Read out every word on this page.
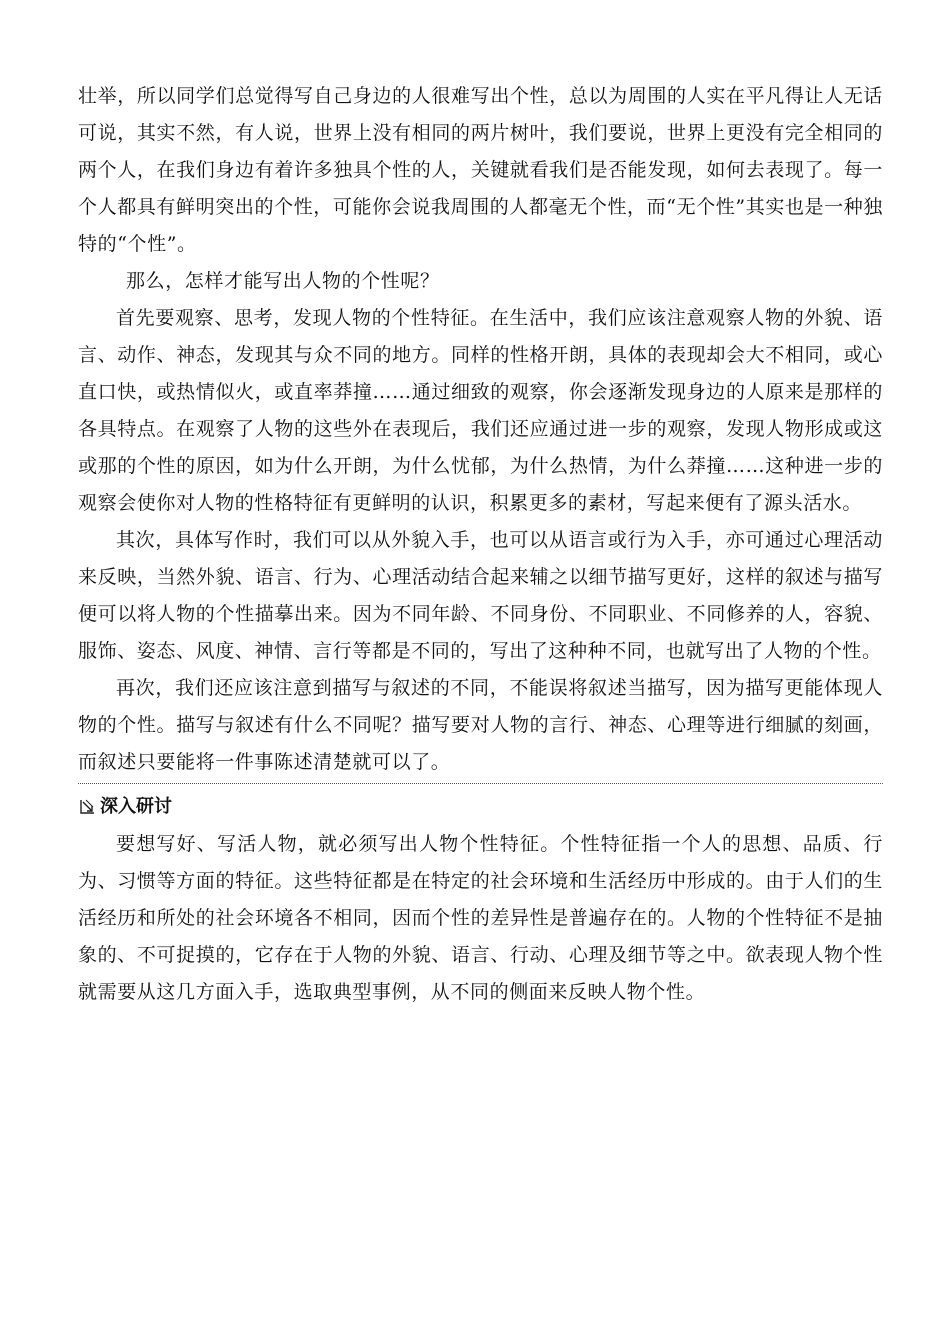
壮举，所以同学们总觉得写自己身边的人很难写出个性，总以为周围的人实在平凡得让人无话可说，其实不然，有人说，世界上没有相同的两片树叶，我们要说，世界上更没有完全相同的两个人，在我们身边有着许多独具个性的人，关键就看我们是否能发现，如何去表现了。每一个人都具有鲜明突出的个性，可能你会说我周围的人都毫无个性，而“无个性”其实也是一种独特的“个性”。

那么，怎样才能写出人物的个性呢？

首先要观察、思考，发现人物的个性特征。在生活中，我们应该注意观察人物的外貌、语言、动作、神态，发现其与众不同的地方。同样的性格开朗，具体的表现却会大不相同，或心直口快，或热情似火，或直率莽撞……通过细致的观察，你会逐渐发现身边的人原来是那样的各具特点。在观察了人物的这些外在表现后，我们还应通过进一步的观察，发现人物形成或这或那的个性的原因，如为什么开朗，为什么忧郁，为什么热情，为什么莽撞……这种进一步的观察会使你对人物的性格特征有更鲜明的认识，积累更多的素材，写起来便有了源头活水。

其次，具体写作时，我们可以从外貌入手，也可以从语言或行为入手，亦可通过心理活动来反映，当然外貌、语言、行为、心理活动结合起来辅之以细节描写更好，这样的叙述与描写便可以将人物的个性描摹出来。因为不同年龄、不同身份、不同职业、不同修养的人，容貌、服饰、姿态、风度、神情、言行等都是不同的，写出了这种种不同，也就写出了人物的个性。

再次，我们还应该注意到描写与叙述的不同，不能误将叙述当描写，因为描写更能体现人物的个性。描写与叙述有什么不同呢？描写要对人物的言行、神态、心理等进行细腻的刻画，而叙述只要能将一件事陈述清楚就可以了。

深入研讨

要想写好、写活人物，就必须写出人物个性特征。个性特征指一个人的思想、品质、行为、习惯等方面的特征。这些特征都是在特定的社会环境和生活经历中形成的。由于人们的生活经历和所处的社会环境各不相同，因而个性的差异性是普遍存在的。人物的个性特征不是抽象的、不可捉摸的，它存在于人物的外貌、语言、行动、心理及细节等之中。欲表现人物个性就需要从这几方面入手，选取典型事例，从不同的侧面来反映人物个性。
